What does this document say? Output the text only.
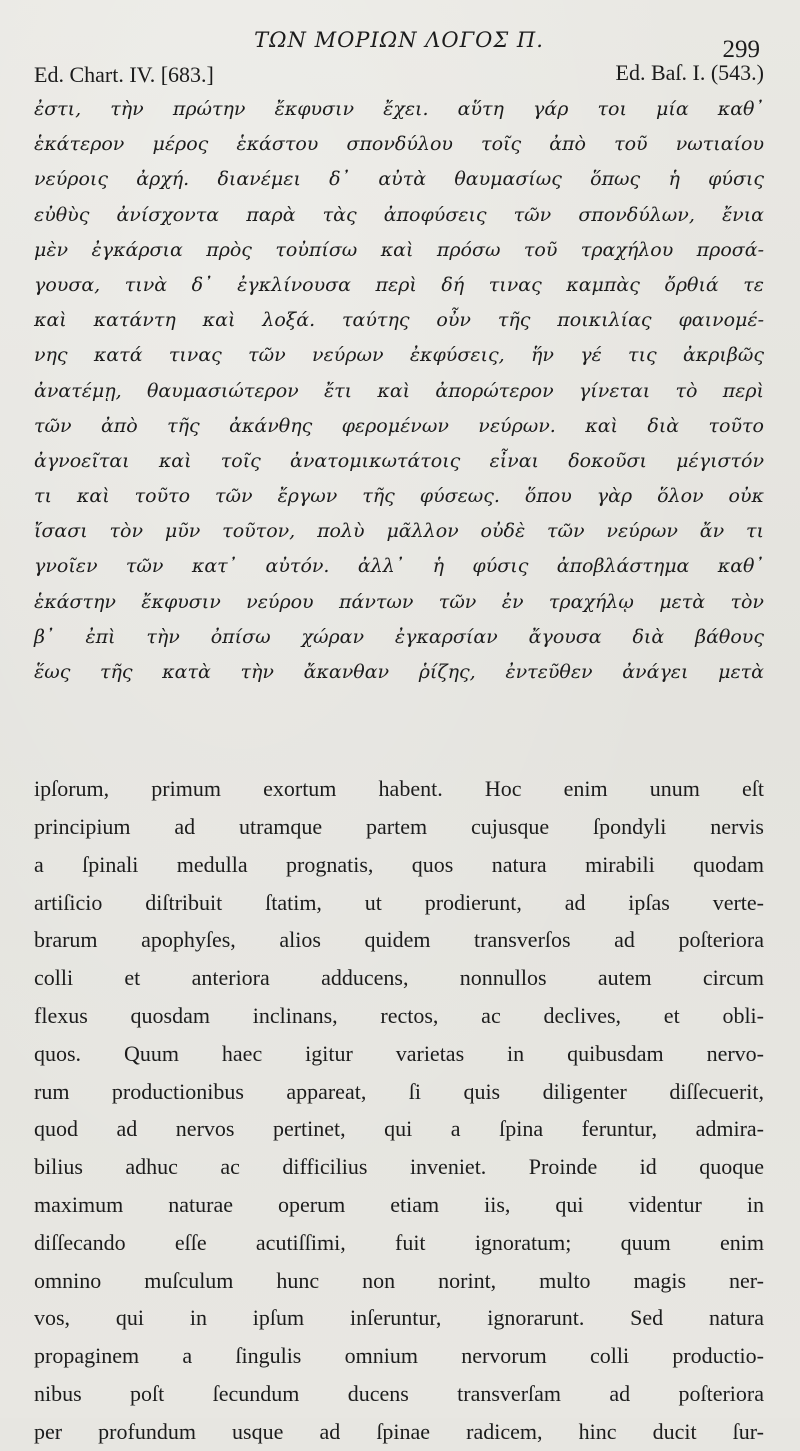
ΤΩΝ ΜΟΡΙΩΝ ΛΟΓΟΣ Π.	299
Ed. Chart. IV. [683.]	Ed. Baſ. I. (543.)
ἐστι, τὴν πρώτην ἔκφυσιν ἔχει. αὕτη γάρ τοι μία καθ᾽
ἑκάτερον μέρος ἑκάστου σπονδύλου τοῖς ἀπὸ τοῦ νωτιαίου
νεύροις ἀρχή. διανέμει δ᾽ αὐτὰ θαυμασίως ὅπως ἡ φύσις
εὐθὺς ἀνίσχοντα παρὰ τὰς ἀποφύσεις τῶν σπονδύλων, ἔνια
μὲν ἐγκάρσια πρὸς τοὐπίσω καὶ πρόσω τοῦ τραχήλου προσά-
γουσα, τινὰ δ᾽ ἐγκλίνουσα περὶ δή τινας καμπὰς ὄρθιά τε
καὶ κατάντη καὶ λοξά. ταύτης οὖν τῆς ποικιλίας φαινομέ-
νης κατά τινας τῶν νεύρων ἐκφύσεις, ἥν γέ τις ἀκριβῶς
ἀνατέμῃ, θαυμασιώτερον ἔτι καὶ ἀπορώτερον γίνεται τὸ περὶ
τῶν ἀπὸ τῆς ἀκάνθης φερομένων νεύρων. καὶ διὰ τοῦτο
ἀγνοεῖται καὶ τοῖς ἀνατομικωτάτοις εἶναι δοκοῦσι μέγιστόν
τι καὶ τοῦτο τῶν ἔργων τῆς φύσεως. ὅπου γὰρ ὅλον οὐκ
ἴσασι τὸν μῦν τοῦτον, πολὺ μᾶλλον οὐδὲ τῶν νεύρων ἄν τι
γνοῖεν τῶν κατ᾽ αὐτόν. ἀλλ᾽ ἡ φύσις ἀποβλάστημα καθ᾽
ἑκάστην ἔκφυσιν νεύρου πάντων τῶν ἐν τραχήλῳ μετὰ τὸν
β᾽ ἐπὶ τὴν ὀπίσω χώραν ἐγκαρσίαν ἄγουσα διὰ βάθους
ἕως τῆς κατὰ τὴν ἄκανθαν ῥίζης, ἐντεῦθεν ἀνάγει μετὰ
ipſorum, primum exortum habent. Hoc enim unum eſt
principium ad utramque partem cujusque ſpondyli nervis
a ſpinali medulla prognatis, quos natura mirabili quodam
artiſicio diſtribuit ſtatim, ut prodierunt, ad ipſas verte-
brarum apophyſes, alios quidem transverſos ad poſteriora
colli et anteriora adducens, nonnullos autem circum
flexus quosdam inclinans, rectos, ac declives, et obli-
quos. Quum haec igitur varietas in quibusdam nervo-
rum productionibus appareat, ſi quis diligenter diſſecuerit,
quod ad nervos pertinet, qui a ſpina feruntur, admira-
bilius adhuc ac difficilius inveniet. Proinde id quoque
maximum naturae operum etiam iis, qui videntur in
diſſecando eſſe acutiſſimi, fuit ignoratum; quum enim
omnino muſculum hunc non norint, multo magis ner-
vos, qui in ipſum inſeruntur, ignorarunt. Sed natura
propaginem a ſingulis omnium nervorum colli productio-
nibus poſt ſecundum ducens transverſam ad poſteriora
per profundum usque ad ſpinae radicem, hinc ducit ſur-
